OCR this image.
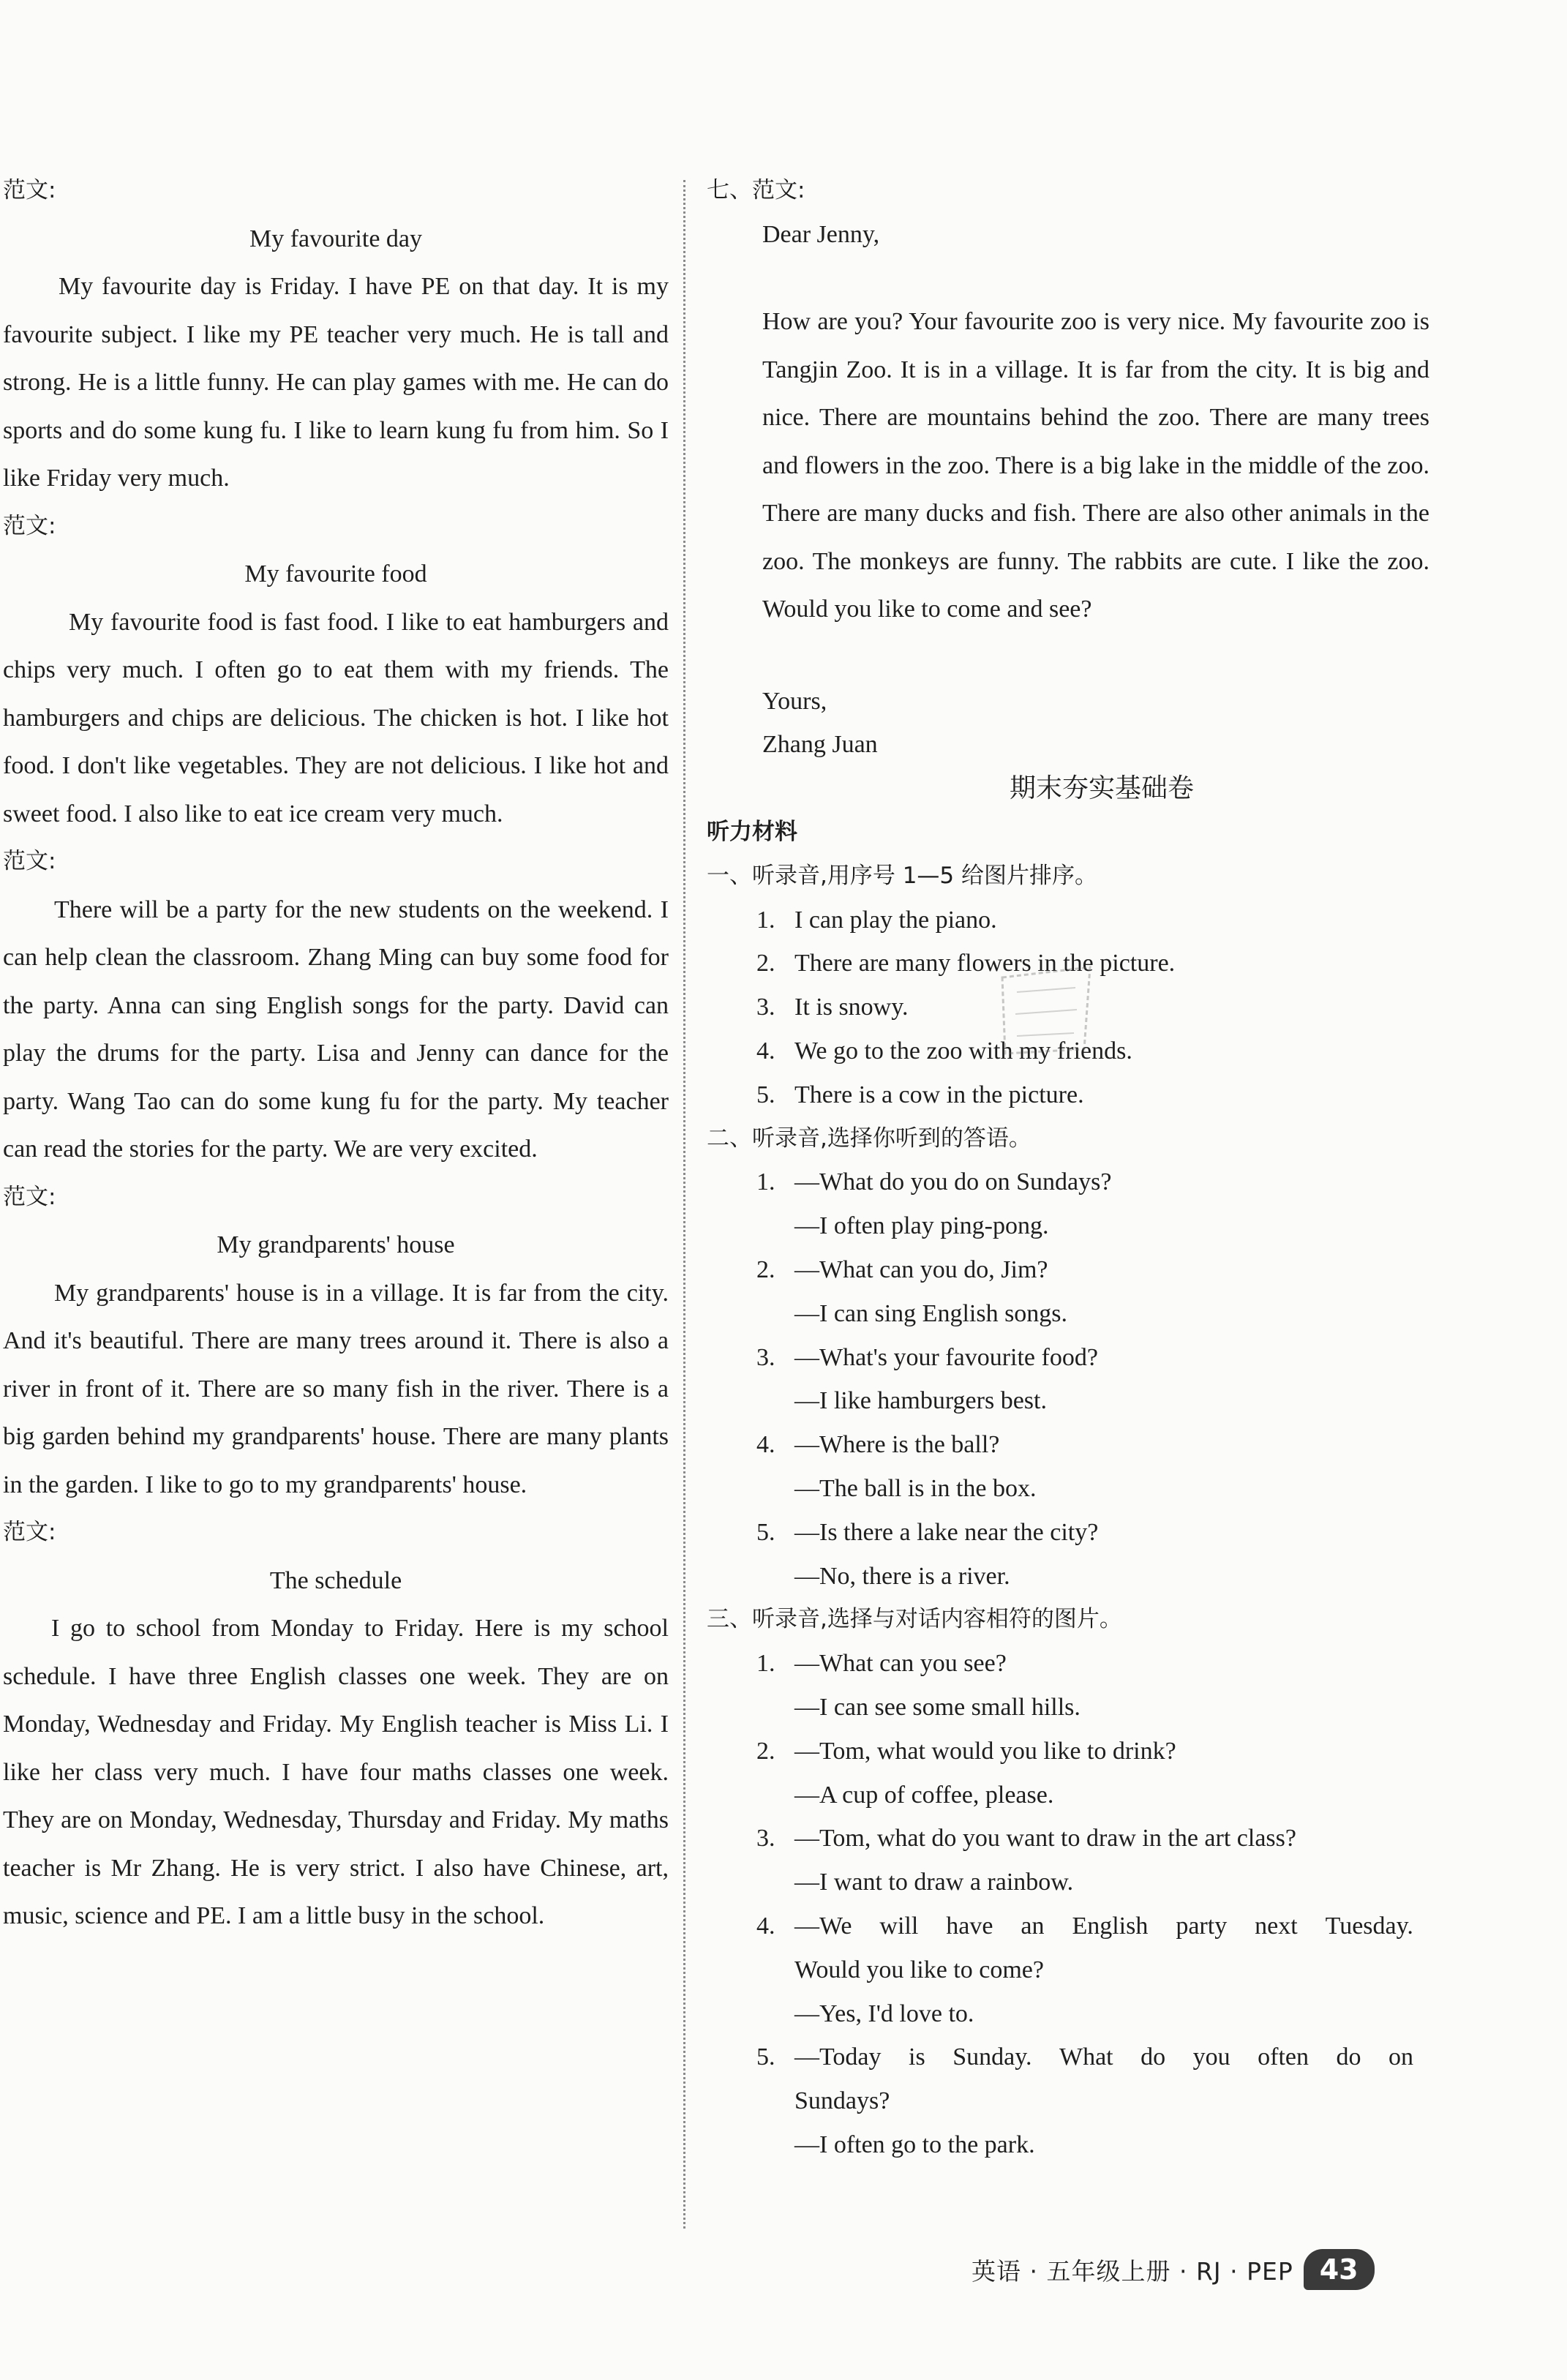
范文:
My favourite day

My favourite day is Friday. I have PE on that day. It is my favourite subject. I like my PE teacher very much. He is tall and strong. He is a little funny. He can play games with me. He can do sports and do some kung fu. I like to learn kung fu from him. So I like Friday very much.

范文:
My favourite food

My favourite food is fast food. I like to eat hamburgers and chips very much. I often go to eat them with my friends. The hamburgers and chips are delicious. The chicken is hot. I like hot food. I don't like vegetables. They are not delicious. I like hot and sweet food. I also like to eat ice cream very much.

范文:

There will be a party for the new students on the weekend. I can help clean the classroom. Zhang Ming can buy some food for the party. Anna can sing English songs for the party. David can play the drums for the party. Lisa and Jenny can dance for the party. Wang Tao can do some kung fu for the party. My teacher can read the stories for the party. We are very excited.

范文:
My grandparents' house

My grandparents' house is in a village. It is far from the city. And it's beautiful. There are many trees around it. There is also a river in front of it. There are so many fish in the river. There is a big garden behind my grandparents' house. There are many plants in the garden. I like to go to my grandparents' house.

范文:
The schedule

I go to school from Monday to Friday. Here is my school schedule. I have three English classes one week. They are on Monday, Wednesday and Friday. My English teacher is Miss Li. I like her class very much. I have four maths classes one week. They are on Monday, Wednesday, Thursday and Friday. My maths teacher is Mr Zhang. He is very strict. I also have Chinese, art, music, science and PE. I am a little busy in the school.

七、范文:
Dear Jenny,

How are you? Your favourite zoo is very nice. My favourite zoo is Tangjin Zoo. It is in a village. It is far from the city. It is big and nice. There are mountains behind the zoo. There are many trees and flowers in the zoo. There is a big lake in the middle of the zoo. There are many ducks and fish. There are also other animals in the zoo. The monkeys are funny. The rabbits are cute. I like the zoo. Would you like to come and see?

Yours,
Zhang Juan
期末夯实基础卷
听力材料
一、听录音,用序号 1—5 给图片排序。
1. I can play the piano.
2. There are many flowers in the picture.
3. It is snowy.
4. We go to the zoo with my friends.
5. There is a cow in the picture.
二、听录音,选择你听到的答语。
1. —What do you do on Sundays?
—I often play ping-pong.
2. —What can you do, Jim?
—I can sing English songs.
3. —What's your favourite food?
—I like hamburgers best.
4. —Where is the ball?
—The ball is in the box.
5. —Is there a lake near the city?
—No, there is a river.
三、听录音,选择与对话内容相符的图片。
1. —What can you see?
—I can see some small hills.
2. —Tom, what would you like to drink?
—A cup of coffee, please.
3. —Tom, what do you want to draw in the art class?
—I want to draw a rainbow.
4. —We will have an English party next Tuesday.
Would you like to come?
—Yes, I'd love to.
5. —Today is Sunday. What do you often do on
Sundays?
—I often go to the park.
英语 · 五年级上册 · RJ · PEP 43
